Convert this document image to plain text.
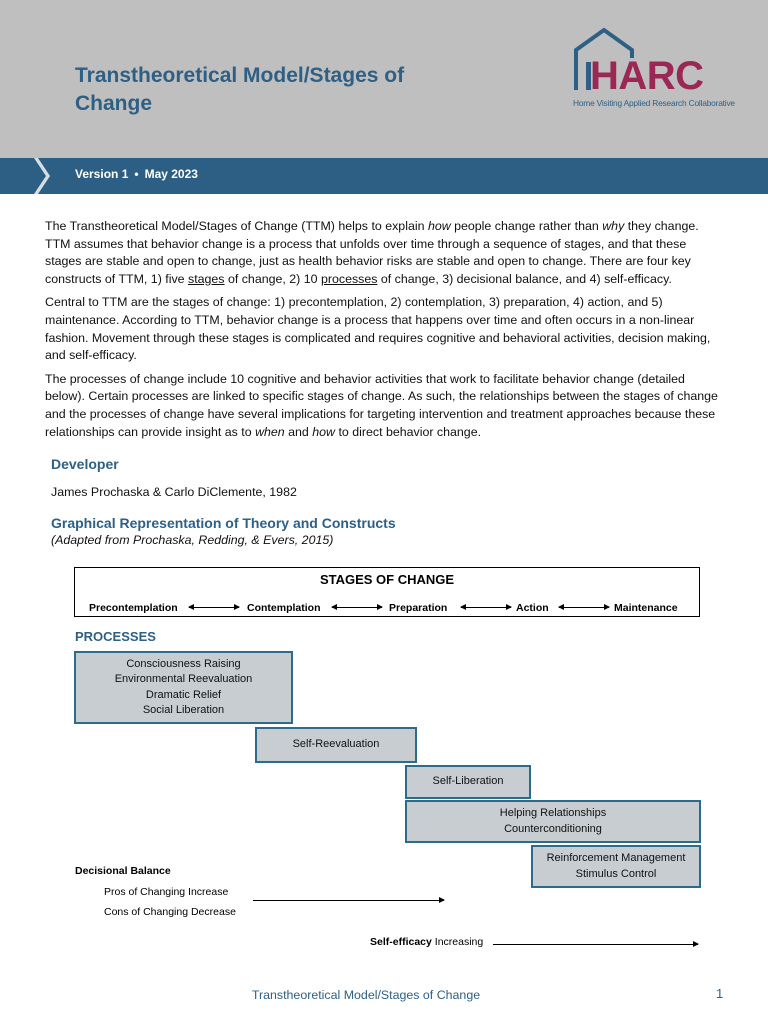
Transtheoretical Model/Stages of
Change
HARC
Home Visiting Applied Research Collaborative
Version 1 • May 2023

The Transtheoretical Model/Stages of Change (TTM) helps to explain how people change rather than why they change. TTM assumes that behavior change is a process that unfolds over time through a sequence of stages, and that these stages are stable and open to change, just as health behavior risks are stable and open to change. There are four key constructs of TTM, 1) five stages of change, 2) 10 processes of change, 3) decisional balance, and 4) self-efficacy.

Central to TTM are the stages of change: 1) precontemplation, 2) contemplation, 3) preparation, 4) action, and 5) maintenance. According to TTM, behavior change is a process that happens over time and often occurs in a non-linear fashion. Movement through these stages is complicated and requires cognitive and behavioral activities, decision making, and self-efficacy.

The processes of change include 10 cognitive and behavior activities that work to facilitate behavior change (detailed below). Certain processes are linked to specific stages of change. As such, the relationships between the stages of change and the processes of change have several implications for targeting intervention and treatment approaches because these relationships can provide insight as to when and how to direct behavior change.

Developer
James Prochaska & Carlo DiClemente, 1982
Graphical Representation of Theory and Constructs
(Adapted from Prochaska, Redding, & Evers, 2015)
STAGES OF CHANGE
Precontemplation	Contemplation	Preparation	Action	Maintenance
PROCESSES
Consciousness Raising
Environmental Reevaluation
Dramatic Relief
Social Liberation
Self-Reevaluation
Self-Liberation
Helping Relationships
Counterconditioning
Reinforcement Management
Stimulus Control
Decisional Balance
Pros of Changing Increase
Cons of Changing Decrease
Self-efficacy Increasing
Transtheoretical Model/Stages of Change	1
